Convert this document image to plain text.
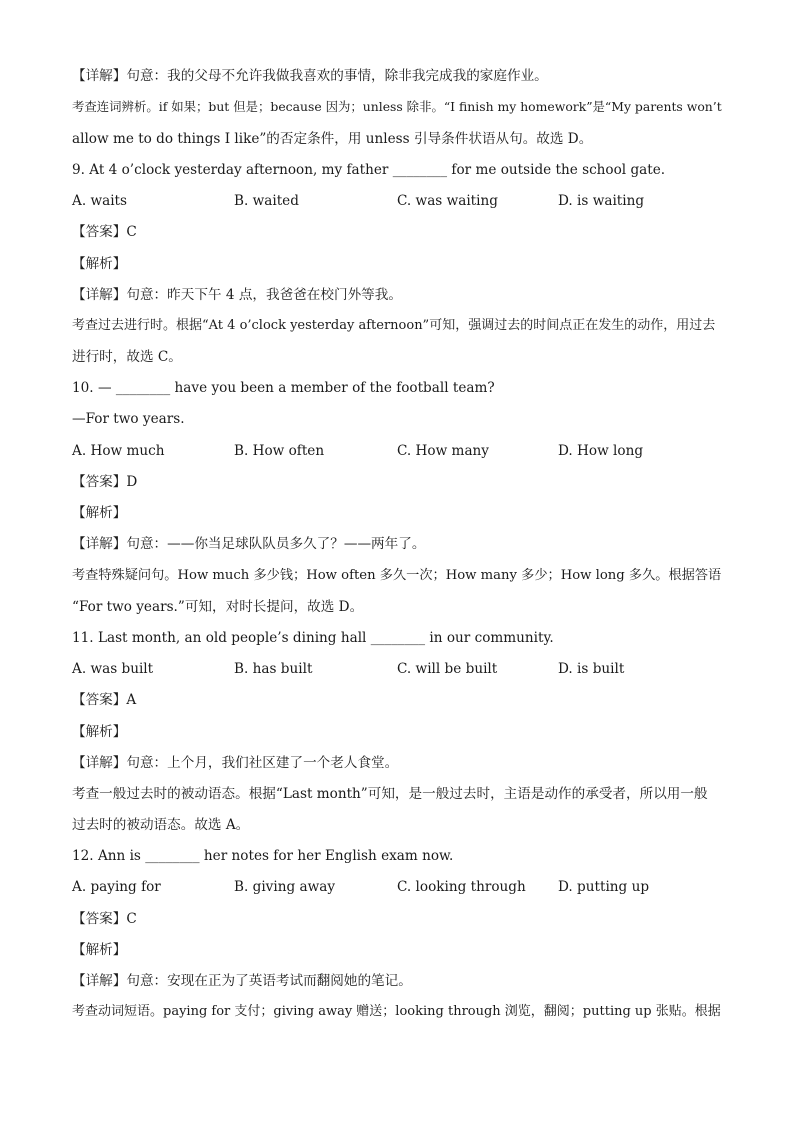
【详解】句意：我的父母不允许我做我喜欢的事情，除非我完成我的家庭作业。
考查连词辨析。if 如果；but 但是；because 因为；unless 除非。“I finish my homework”是“My parents won’t
allow me to do things I like”的否定条件，用 unless 引导条件状语从句。故选 D。
9. At 4 o’clock yesterday afternoon, my father ________ for me outside the school gate.
A. waits	B. waited	C. was waiting	D. is waiting
【答案】C
【解析】
【详解】句意：昨天下午 4 点，我爸爸在校门外等我。
考查过去进行时。根据“At 4 o’clock yesterday afternoon”可知，强调过去的时间点正在发生的动作，用过去
进行时，故选 C。
10. — ________ have you been a member of the football team?
—For two years.
A. How much	B. How often	C. How many	D. How long
【答案】D
【解析】
【详解】句意：——你当足球队队员多久了？——两年了。
考查特殊疑问句。How much 多少钱；How often 多久一次；How many 多少；How long 多久。根据答语
“For two years.”可知，对时长提问，故选 D。
11. Last month, an old people’s dining hall ________ in our community.
A. was built	B. has built	C. will be built	D. is built
【答案】A
【解析】
【详解】句意：上个月，我们社区建了一个老人食堂。
考查一般过去时的被动语态。根据“Last month”可知，是一般过去时，主语是动作的承受者，所以用一般
过去时的被动语态。故选 A。
12. Ann is ________ her notes for her English exam now.
A. paying for	B. giving away	C. looking through D. putting up
【答案】C
【解析】
【详解】句意：安现在正为了英语考试而翻阅她的笔记。
考查动词短语。paying for 支付；giving away 赠送；looking through 浏览，翻阅；putting up 张贴。根据
